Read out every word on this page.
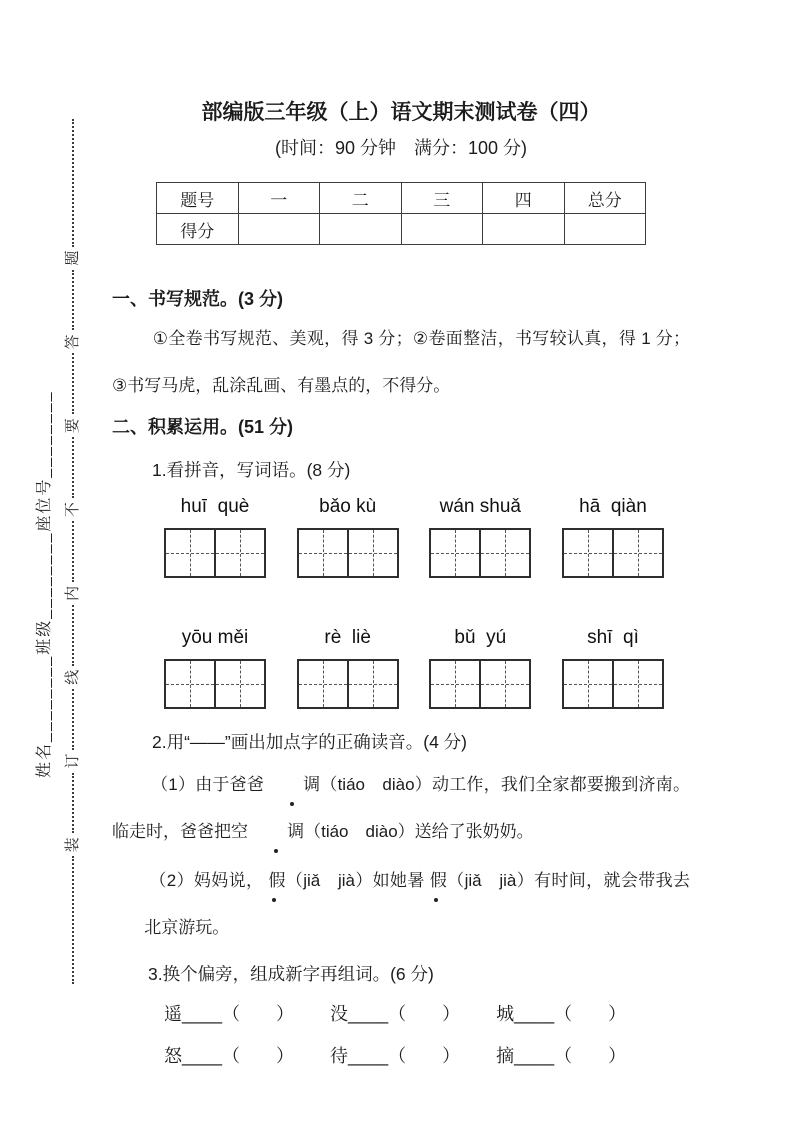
装
订
线
内
不
要
答
题
姓名________班级________座位号________
部编版三年级（上）语文期末测试卷（四）
(时间：90 分钟　满分：100 分)
题号	一	二	三	四	总分
得分					
一、书写规范。(3 分)
①全卷书写规范、美观，得 3 分；②卷面整洁，书写较认真，得 1 分；③书写马虎，乱涂乱画、有墨点的，不得分。
二、积累运用。(51 分)
1.看拼音，写词语。(8 分)
huī  què	bǎo kù	wán shuǎ	hā  qiàn
yōu měi	rè  liè	bǔ  yú	shī  qì
2.用“——”画出加点字的正确读音。(4 分)
（1）由于爸爸 调（tiáo　diào）动工作，我们全家都要搬到济南。临走时，爸爸把空 调（tiáo　diào）送给了张奶奶。
（2）妈妈说， 假（jiǎ　jià）如她暑 假（jiǎ　jià）有时间，就会带我去北京游玩。
3.换个偏旁，组成新字再组词。(6 分)
遥____（　　） 没____（　　） 城____（　　）
怒____（　　） 待____（　　） 摘____（　　）
